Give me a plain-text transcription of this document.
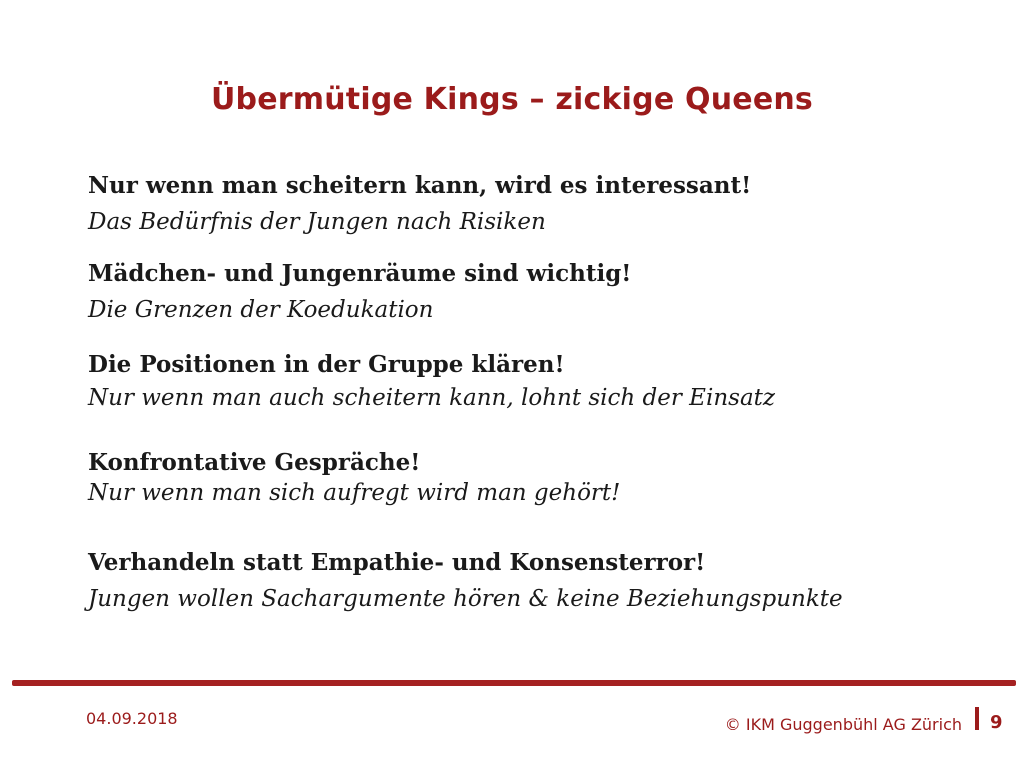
Übermütige Kings – zickige Queens
Nur wenn man scheitern kann, wird es interessant!
Das Bedürfnis der Jungen nach Risiken
Mädchen- und Jungenräume sind wichtig!
Die Grenzen der Koedukation
Die Positionen in der Gruppe klären!
Nur wenn man auch scheitern kann, lohnt sich der Einsatz
Konfrontative Gespräche!
Nur wenn man sich aufregt wird man gehört!
Verhandeln statt Empathie- und Konsensterror!
Jungen wollen Sachargumente hören & keine Beziehungspunkte
04.09.2018	© IKM Guggenbühl AG Zürich 9
